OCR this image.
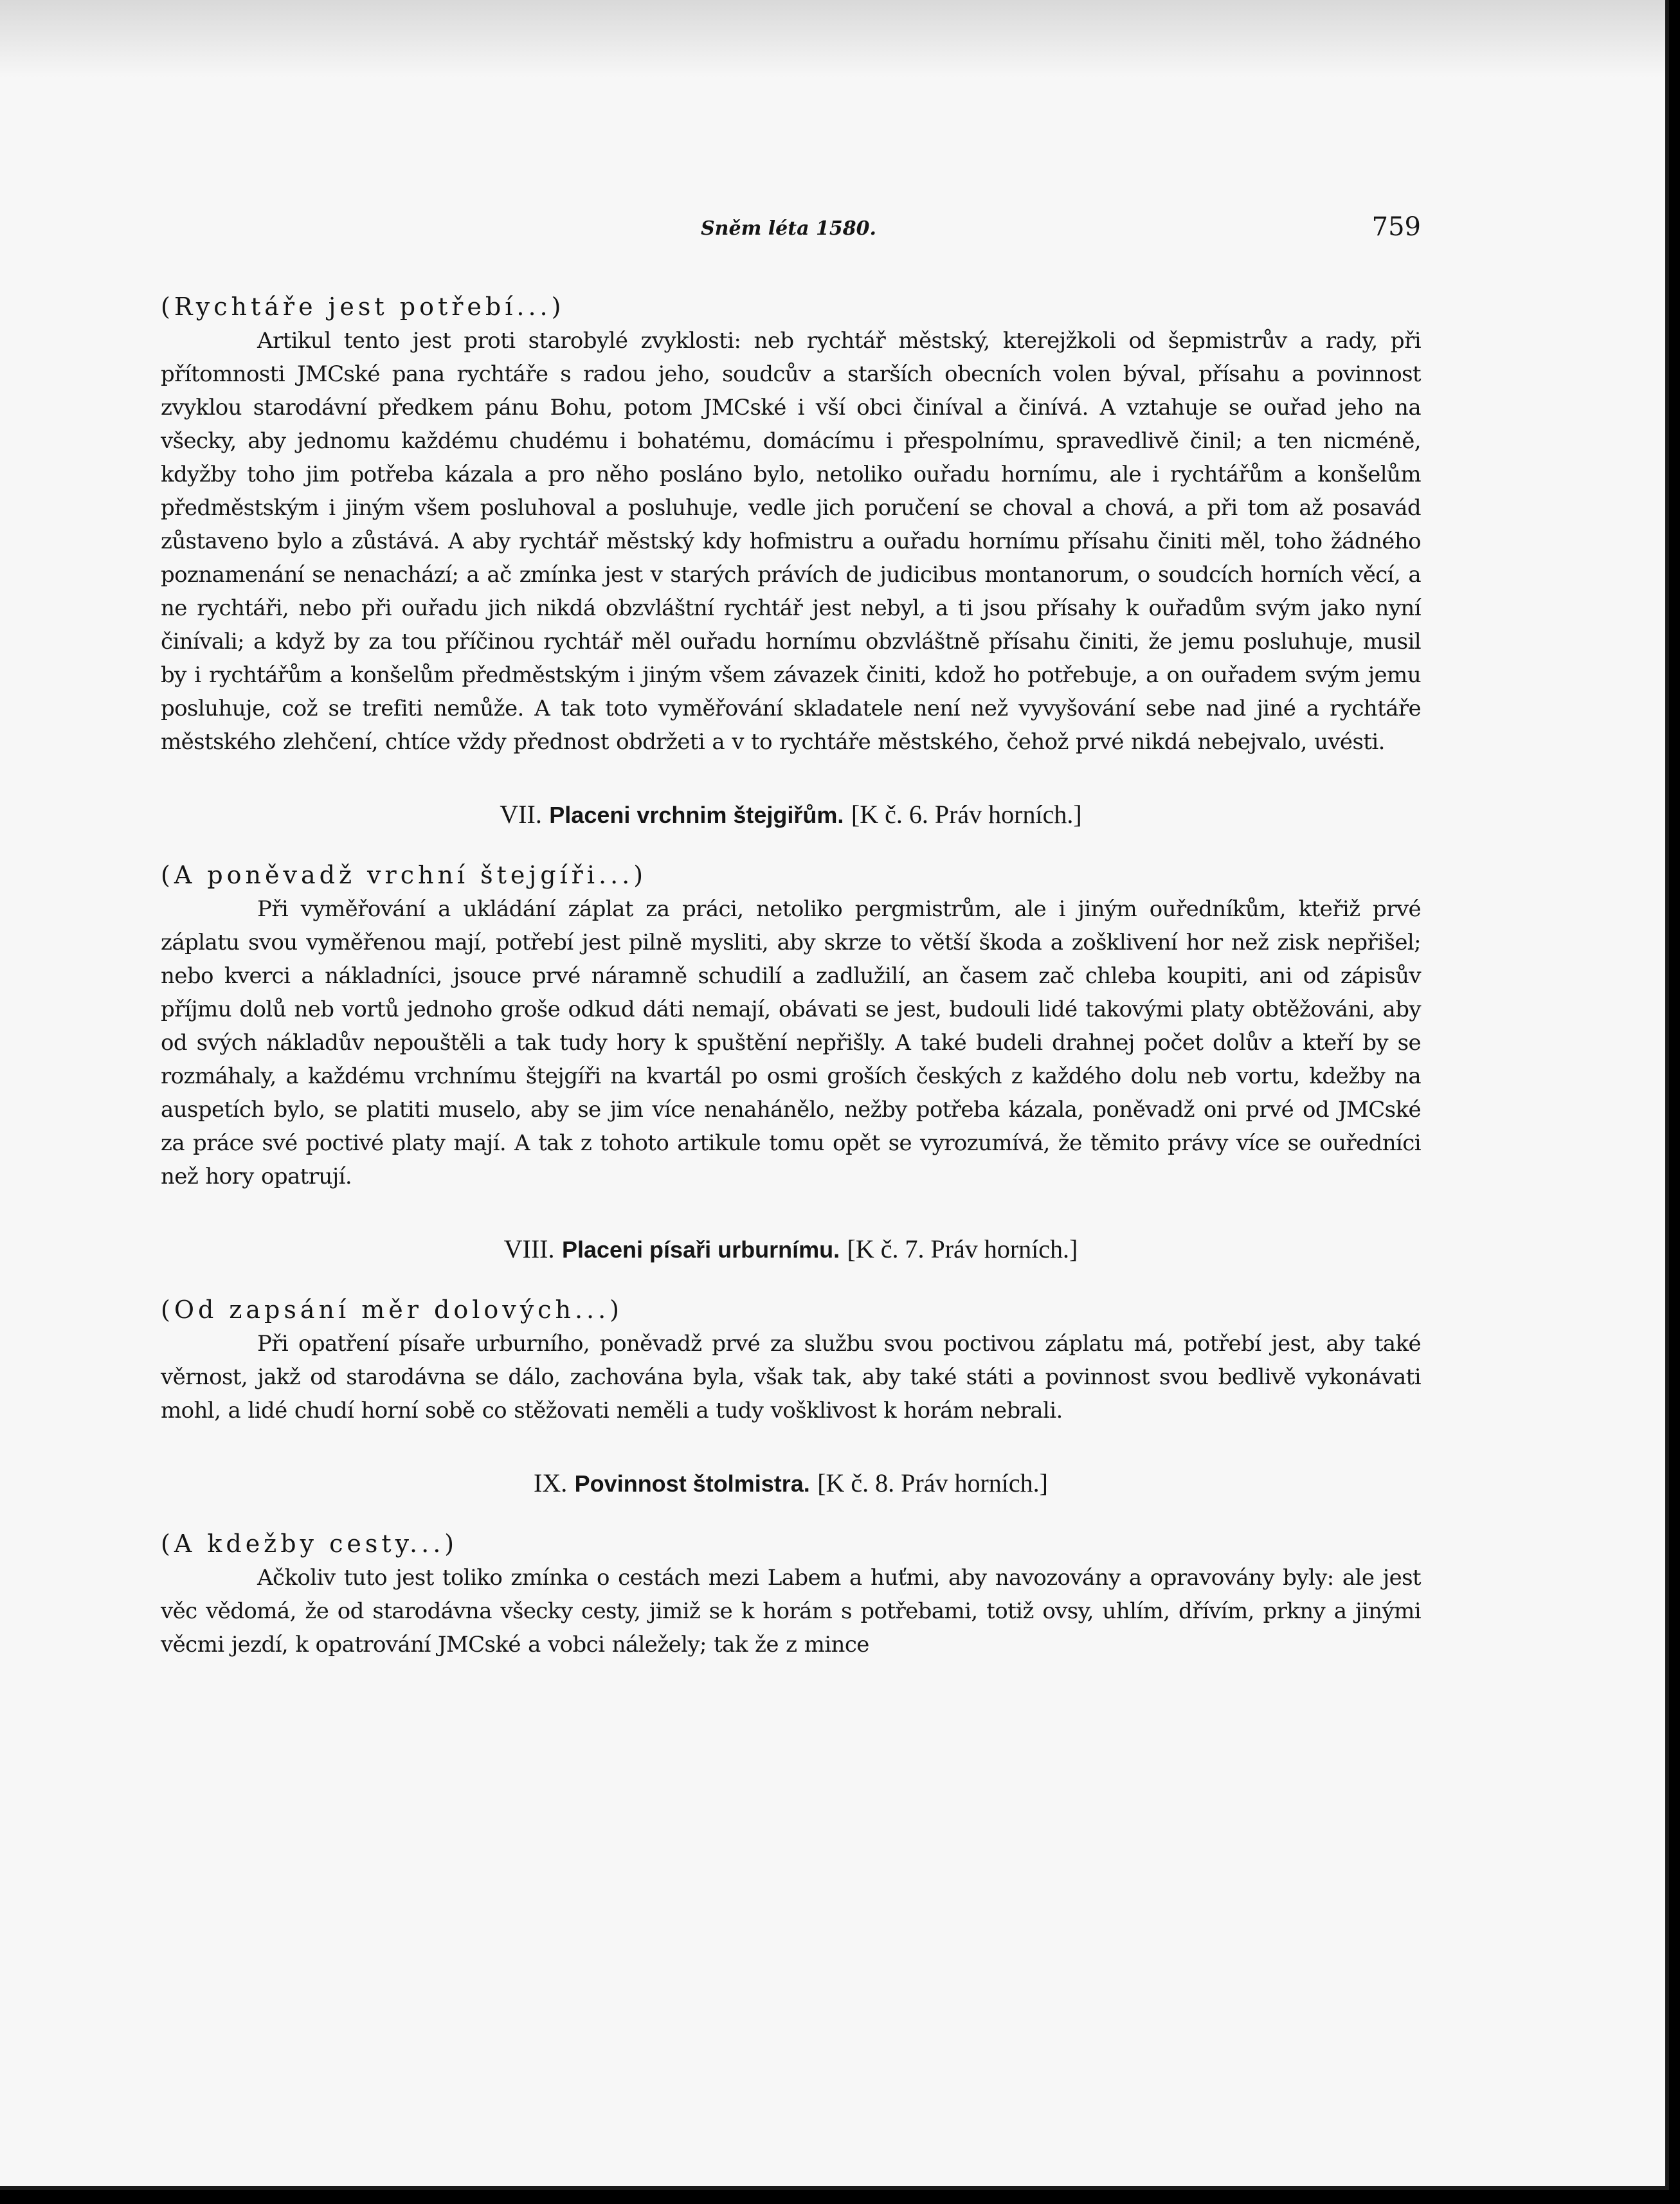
Sněm léta 1580.	759

(Rychtáře jest potřebí...)

Artikul tento jest proti starobylé zvyklosti: neb rychtář městský, kterejžkoli od šepmistrův a rady, při přítomnosti JMCské pana rychtáře s radou jeho, soudcův a starších obecních volen býval, přísahu a povinnost zvyklou starodávní předkem pánu Bohu, potom JMCské i vší obci činíval a činívá. A vztahuje se ouřad jeho na všecky, aby jednomu každému chudému i bohatému, domácímu i přespolnímu, spravedlivě činil; a ten nicméně, kdyžby toho jim potřeba kázala a pro něho posláno bylo, netoliko ouřadu hornímu, ale i rychtářům a konšelům předměstským i jiným všem posluhoval a posluhuje, vedle jich poručení se choval a chová, a při tom až posavád zůstaveno bylo a zůstává. A aby rychtář městský kdy hofmistru a ouřadu hornímu přísahu činiti měl, toho žádného poznamenání se nenachází; a ač zmínka jest v starých právích de judicibus montanorum, o soudcích horních věcí, a ne rychtáři, nebo při ouřadu jich nikdá obzvláštní rychtář jest nebyl, a ti jsou přísahy k ouřadům svým jako nyní činívali; a když by za tou příčinou rychtář měl ouřadu hornímu obzvláštně přísahu činiti, že jemu posluhuje, musil by i rychtářům a konšelům předměstským i jiným všem závazek činiti, kdož ho potřebuje, a on ouřadem svým jemu posluhuje, což se trefiti nemůže. A tak toto vyměřování skladatele není než vyvyšování sebe nad jiné a rychtáře městského zlehčení, chtíce vždy přednost obdržeti a v to rychtáře městského, čehož prvé nikdá nebejvalo, uvésti.

VII. Placeni vrchnim štejgiřům. [K č. 6. Práv horních.]

(A poněvadž vrchní štejgíři...)

Při vyměřování a ukládání záplat za práci, netoliko pergmistrům, ale i jiným ouředníkům, kteřiž prvé záplatu svou vyměřenou mají, potřebí jest pilně mysliti, aby skrze to větší škoda a zošklivení hor než zisk nepřišel; nebo kverci a nákladníci, jsouce prvé náramně schudilí a zadlužilí, an časem zač chleba koupiti, ani od zápisův příjmu dolů neb vortů jednoho groše odkud dáti nemají, obávati se jest, budouli lidé takovými platy obtěžováni, aby od svých nákladův nepouštěli a tak tudy hory k spuštění nepřišly. A také budeli drahnej počet dolův a kteří by se rozmáhaly, a každému vrchnímu štejgíři na kvartál po osmi groších českých z každého dolu neb vortu, kdežby na auspetích bylo, se platiti muselo, aby se jim více nenahánělo, nežby potřeba kázala, poněvadž oni prvé od JMCské za práce své poctivé platy mají. A tak z tohoto artikule tomu opět se vyrozumívá, že těmito právy více se ouředníci než hory opatrují.

VIII. Placeni písaři urburnímu. [K č. 7. Práv horních.]

(Od zapsání měr dolových...)

Při opatření písaře urburního, poněvadž prvé za službu svou poctivou záplatu má, potřebí jest, aby také věrnost, jakž od starodávna se dálo, zachována byla, však tak, aby také státi a povinnost svou bedlivě vykonávati mohl, a lidé chudí horní sobě co stěžovati neměli a tudy vošklivost k horám nebrali.

IX. Povinnost štolmistra. [K č. 8. Práv horních.]

(A kdežby cesty...)

Ačkoliv tuto jest toliko zmínka o cestách mezi Labem a huťmi, aby navozovány a opravovány byly: ale jest věc vědomá, že od starodávna všecky cesty, jimiž se k horám s potřebami, totiž ovsy, uhlím, dřívím, prkny a jinými věcmi jezdí, k opatrování JMCské a vobci náležely; tak že z mince
